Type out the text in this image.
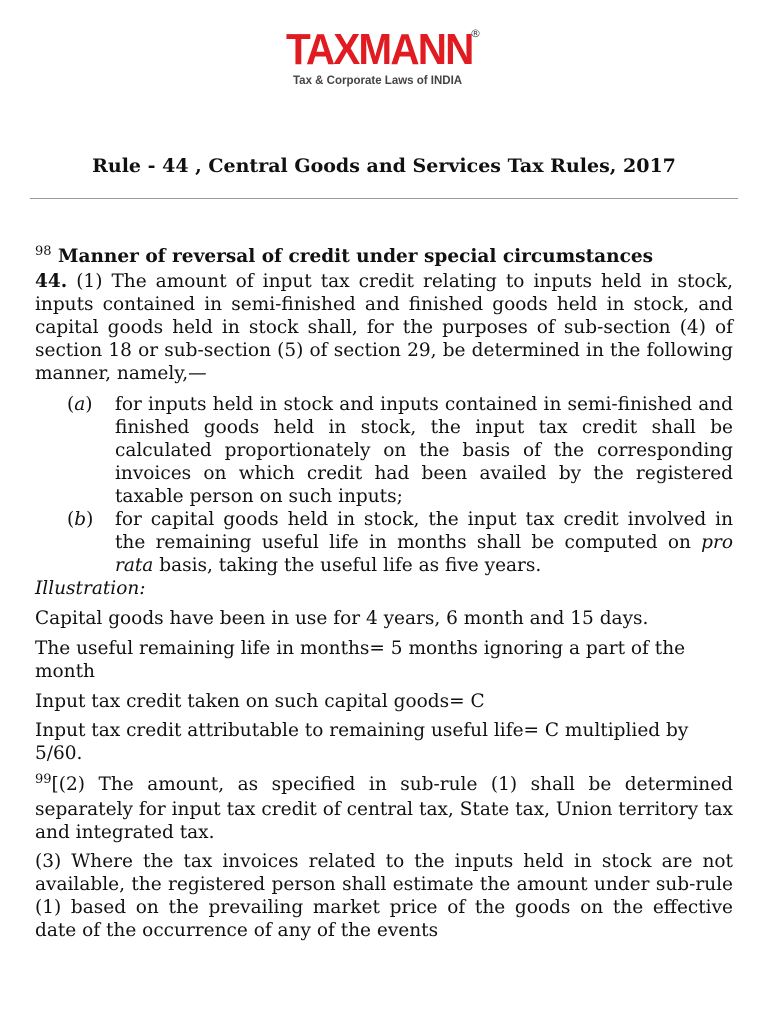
TAXMANN
®
Tax & Corporate Laws of INDIA
Rule - 44 , Central Goods and Services Tax Rules, 2017

$^{98}$ Manner of reversal of credit under special circumstances

44. (1) The amount of input tax credit relating to inputs held in stock, inputs contained in semi-finished and finished goods held in stock, and capital goods held in stock shall, for the purposes of sub-section (4) of section 18 or sub-section (5) of section 29, be determined in the following manner, namely,—

(a) for inputs held in stock and inputs contained in semi-finished and finished goods held in stock, the input tax credit shall be calculated proportionately on the basis of the corresponding invoices on which credit had been availed by the registered taxable person on such inputs;
(b) for capital goods held in stock, the input tax credit involved in the remaining useful life in months shall be computed on pro rata basis, taking the useful life as five years.

Illustration:

Capital goods have been in use for 4 years, 6 month and 15 days.

The useful remaining life in months= 5 months ignoring a part of the month

Input tax credit taken on such capital goods= C

Input tax credit attributable to remaining useful life= C multiplied by 5/60.

$^{99}$[(2) The amount, as specified in sub-rule (1) shall be determined separately for input tax credit of central tax, State tax, Union territory tax and integrated tax.

(3) Where the tax invoices related to the inputs held in stock are not available, the registered person shall estimate the amount under sub-rule (1) based on the prevailing market price of the goods on the effective date of the occurrence of any of the events
